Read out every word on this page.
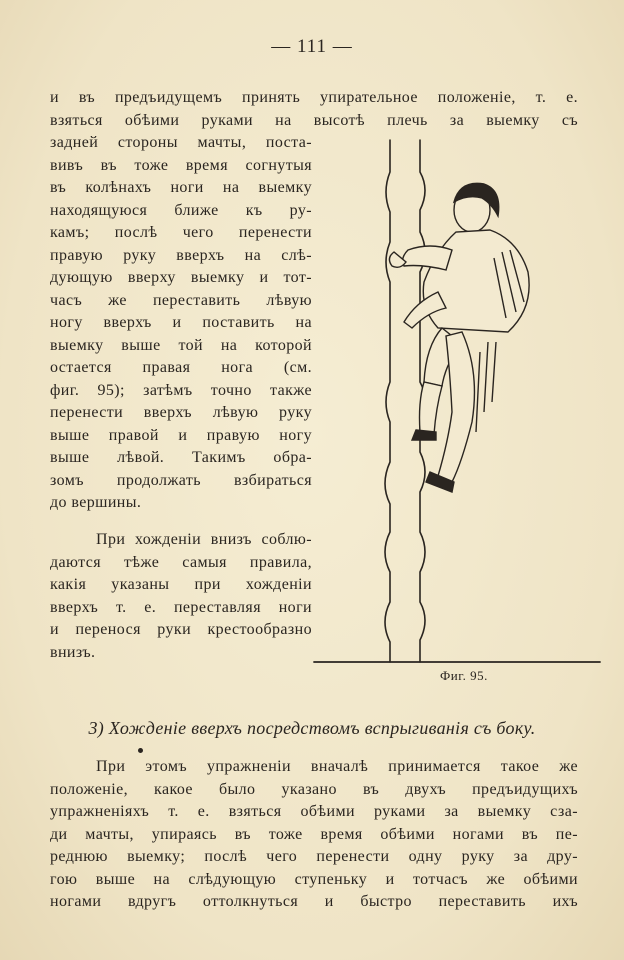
— 111 —
и въ предъидущемъ принять упирательное положенiе, т. е.
взяться обѣими руками на высотѣ плечь за выемку съ
задней стороны мачты, поста-
вивъ въ тоже время согнутыя
въ колѣнахъ ноги на выемку
находящуюся ближе къ ру-
камъ; послѣ чего перенести
правую руку вверхъ на слѣ-
дующую вверху выемку и тот-
часъ же переставить лѣвую
ногу вверхъ и поставить на
выемку выше той на которой
остается правая нога (см.
фиг. 95); затѣмъ точно также
перенести вверхъ лѣвую руку
выше правой и правую ногу
выше лѣвой. Такимъ обра-
зомъ продолжать взбираться
до вершины.
При хожденiи внизъ соблю-
даются тѣже самыя правила,
какiя указаны при хожденiи
вверхъ т. е. переставляя ноги
и перенося руки крестообразно
внизъ.
Фиг. 95.
3) Хожденiе вверхъ посредствомъ вспрыгиванiя съ боку.
При этомъ упражненiи вначалѣ принимается такое же
положенiе, какое было указано въ двухъ предъидущихъ
упражненiяхъ т. е. взяться обѣими руками за выемку сза-
ди мачты, упираясь въ тоже время обѣими ногами въ пе-
реднюю выемку; послѣ чего перенести одну руку за дру-
гою выше на слѣдующую ступеньку и тотчасъ же обѣими
ногами вдругъ оттолкнуться и быстро переставить ихъ
